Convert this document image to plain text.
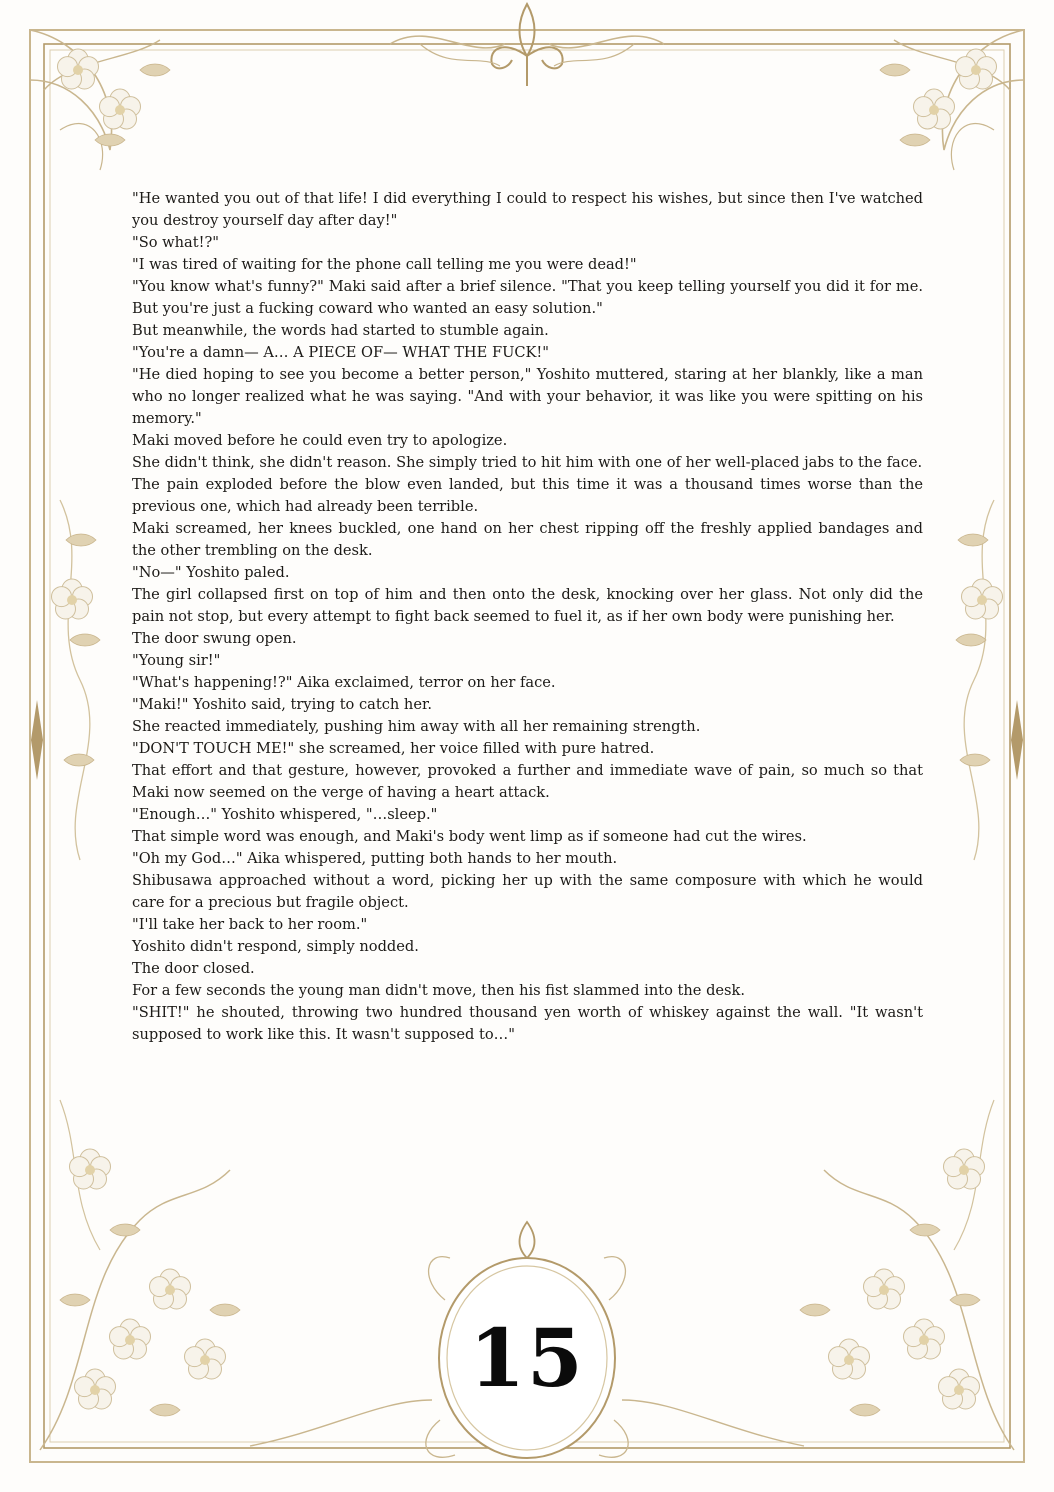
"He wanted you out of that life! I did everything I could to respect his wishes, but since then I've watched you destroy yourself day after day!"

"So what!?"

"I was tired of waiting for the phone call telling me you were dead!"

"You know what's funny?" Maki said after a brief silence. "That you keep telling yourself you did it for me. But you're just a fucking coward who wanted an easy solution."

But meanwhile, the words had started to stumble again.

"You're a damn— A… A PIECE OF— WHAT THE FUCK!"

"He died hoping to see you become a better person," Yoshito muttered, staring at her blankly, like a man who no longer realized what he was saying. "And with your behavior, it was like you were spitting on his memory."

Maki moved before he could even try to apologize.

She didn't think, she didn't reason. She simply tried to hit him with one of her well-placed jabs to the face.

The pain exploded before the blow even landed, but this time it was a thousand times worse than the previous one, which had already been terrible.

Maki screamed, her knees buckled, one hand on her chest ripping off the freshly applied bandages and the other trembling on the desk.

"No—" Yoshito paled.

The girl collapsed first on top of him and then onto the desk, knocking over her glass. Not only did the pain not stop, but every attempt to fight back seemed to fuel it, as if her own body were punishing her.

The door swung open.

"Young sir!"

"What's happening!?" Aika exclaimed, terror on her face.

"Maki!" Yoshito said, trying to catch her.

She reacted immediately, pushing him away with all her remaining strength.

"DON'T TOUCH ME!" she screamed, her voice filled with pure hatred.

That effort and that gesture, however, provoked a further and immediate wave of pain, so much so that Maki now seemed on the verge of having a heart attack.

"Enough…" Yoshito whispered, "…sleep."

That simple word was enough, and Maki's body went limp as if someone had cut the wires.

"Oh my God…" Aika whispered, putting both hands to her mouth.

Shibusawa approached without a word, picking her up with the same composure with which he would care for a precious but fragile object.

"I'll take her back to her room."

Yoshito didn't respond, simply nodded.

The door closed.

For a few seconds the young man didn't move, then his fist slammed into the desk.

"SHIT!" he shouted, throwing two hundred thousand yen worth of whiskey against the wall. "It wasn't supposed to work like this. It wasn't supposed to…"

15
